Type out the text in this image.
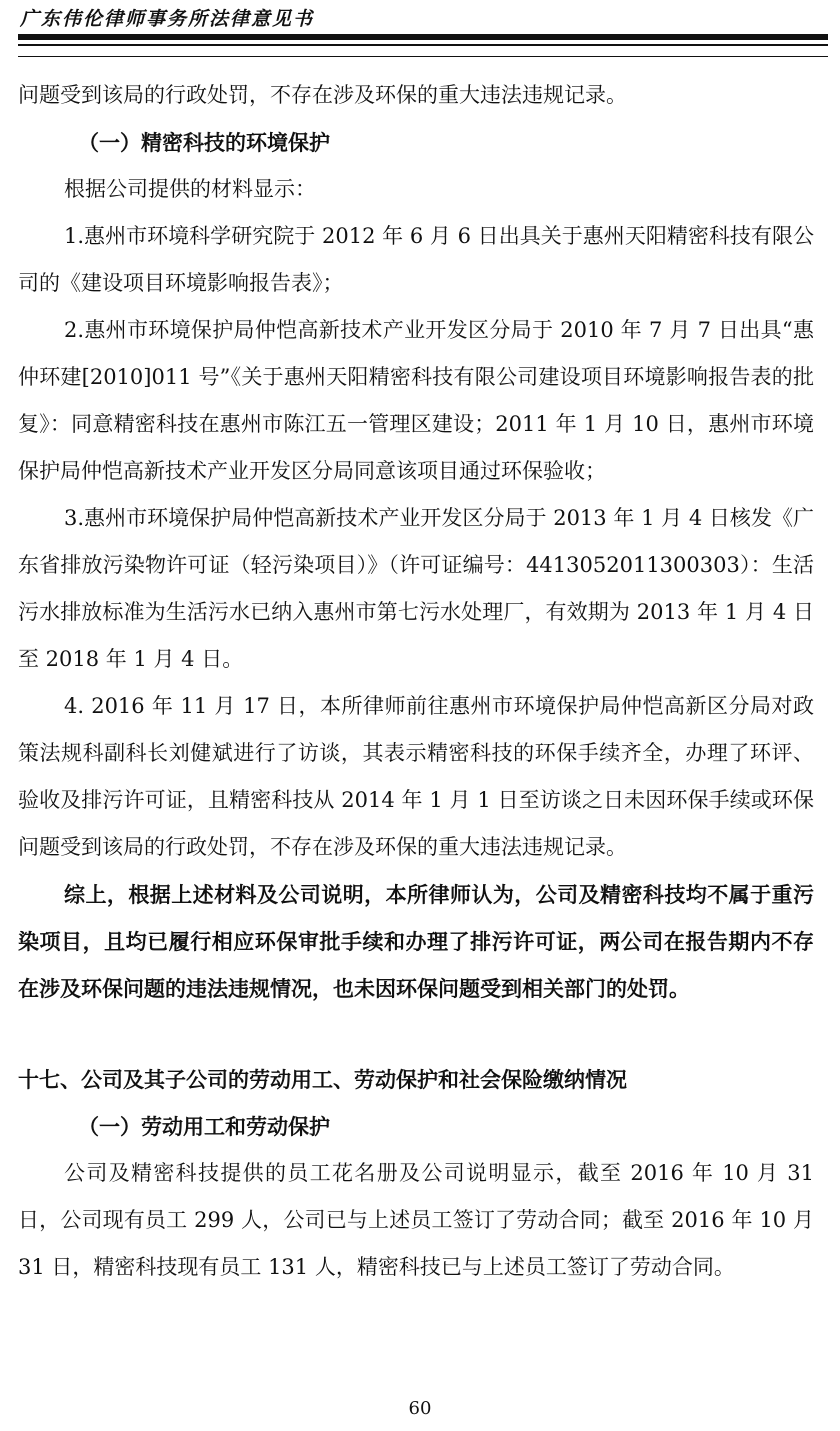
广东伟伦律师事务所法律意见书

问题受到该局的行政处罚，不存在涉及环保的重大违法违规记录。

（一）精密科技的环境保护

根据公司提供的材料显示：

1.惠州市环境科学研究院于 2012 年 6 月 6 日出具关于惠州天阳精密科技有限公司的《建设项目环境影响报告表》；

2.惠州市环境保护局仲恺高新技术产业开发区分局于 2010 年 7 月 7 日出具“惠仲环建[2010]011 号”《关于惠州天阳精密科技有限公司建设项目环境影响报告表的批复》：同意精密科技在惠州市陈江五一管理区建设；2011 年 1 月 10 日，惠州市环境保护局仲恺高新技术产业开发区分局同意该项目通过环保验收；

3.惠州市环境保护局仲恺高新技术产业开发区分局于 2013 年 1 月 4 日核发《广东省排放污染物许可证（轻污染项目）》（许可证编号：4413052011300303）：生活污水排放标准为生活污水已纳入惠州市第七污水处理厂，有效期为 2013 年 1 月 4 日至 2018 年 1 月 4 日。

4. 2016 年 11 月 17 日，本所律师前往惠州市环境保护局仲恺高新区分局对政策法规科副科长刘健斌进行了访谈，其表示精密科技的环保手续齐全，办理了环评、验收及排污许可证，且精密科技从 2014 年 1 月 1 日至访谈之日未因环保手续或环保问题受到该局的行政处罚，不存在涉及环保的重大违法违规记录。

综上，根据上述材料及公司说明，本所律师认为，公司及精密科技均不属于重污染项目，且均已履行相应环保审批手续和办理了排污许可证，两公司在报告期内不存在涉及环保问题的违法违规情况，也未因环保问题受到相关部门的处罚。

十七、公司及其子公司的劳动用工、劳动保护和社会保险缴纳情况

（一）劳动用工和劳动保护

公司及精密科技提供的员工花名册及公司说明显示，截至 2016 年 10 月 31 日，公司现有员工 299 人，公司已与上述员工签订了劳动合同；截至 2016 年 10 月 31 日，精密科技现有员工 131 人，精密科技已与上述员工签订了劳动合同。

60
